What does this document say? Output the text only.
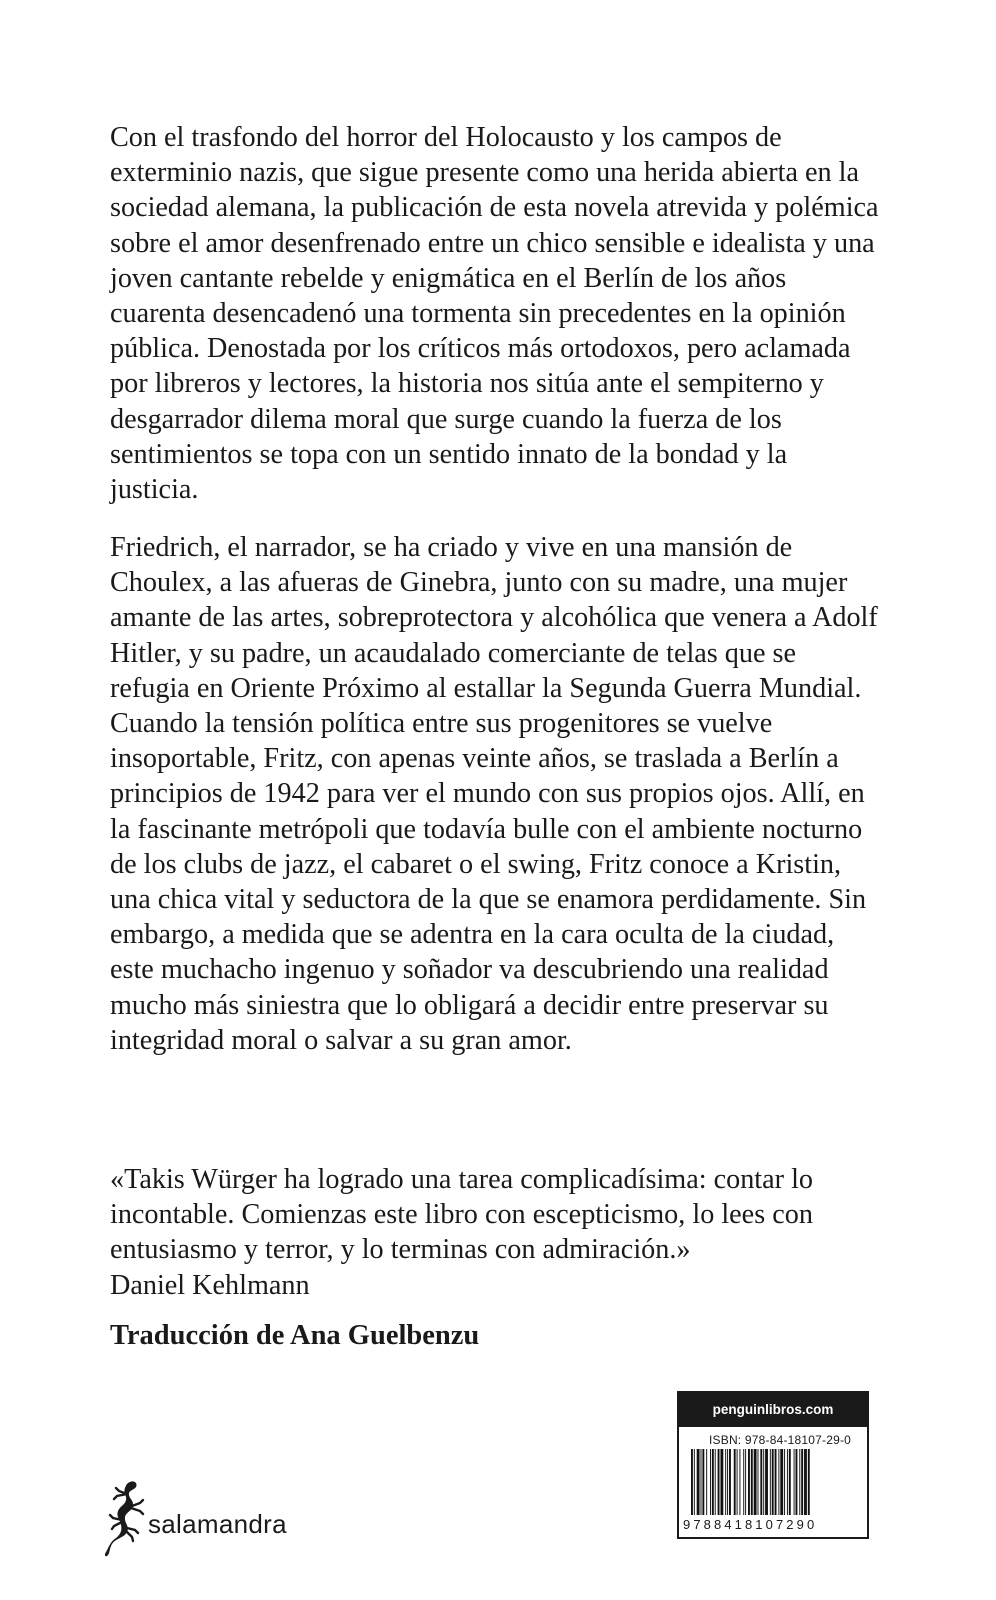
Con el trasfondo del horror del Holocausto y los campos de exterminio nazis, que sigue presente como una herida abierta en la sociedad alemana, la publicación de esta novela atrevida y polémica sobre el amor desenfrenado entre un chico sensible e idealista y una joven cantante rebelde y enigmática en el Berlín de los años cuarenta desencadenó una tormenta sin precedentes en la opinión pública. Denostada por los críticos más ortodoxos, pero aclamada por libreros y lectores, la historia nos sitúa ante el sempiterno y desgarrador dilema moral que surge cuando la fuerza de los sentimientos se topa con un sentido innato de la bondad y la justicia.

Friedrich, el narrador, se ha criado y vive en una mansión de Choulex, a las afueras de Ginebra, junto con su madre, una mujer amante de las artes, sobreprotectora y alcohólica que venera a Adolf Hitler, y su padre, un acaudalado comerciante de telas que se refugia en Oriente Próximo al estallar la Segunda Guerra Mundial. Cuando la tensión política entre sus progenitores se vuelve insoportable, Fritz, con apenas veinte años, se traslada a Berlín a principios de 1942 para ver el mundo con sus propios ojos. Allí, en la fascinante metrópoli que todavía bulle con el ambiente nocturno de los clubs de jazz, el cabaret o el swing, Fritz conoce a Kristin, una chica vital y seductora de la que se enamora perdidamente. Sin embargo, a medida que se adentra en la cara oculta de la ciudad, este muchacho ingenuo y soñador va descubriendo una realidad mucho más siniestra que lo obligará a decidir entre preservar su integridad moral o salvar a su gran amor.

«Takis Würger ha logrado una tarea complicadísima: contar lo incontable. Comienzas este libro con escepticismo, lo lees con entusiasmo y terror, y lo terminas con admiración.»
Daniel Kehlmann

Traducción de Ana Guelbenzu

penguinlibros.com
ISBN: 978-84-18107-29-0
9788418107290
salamandra
